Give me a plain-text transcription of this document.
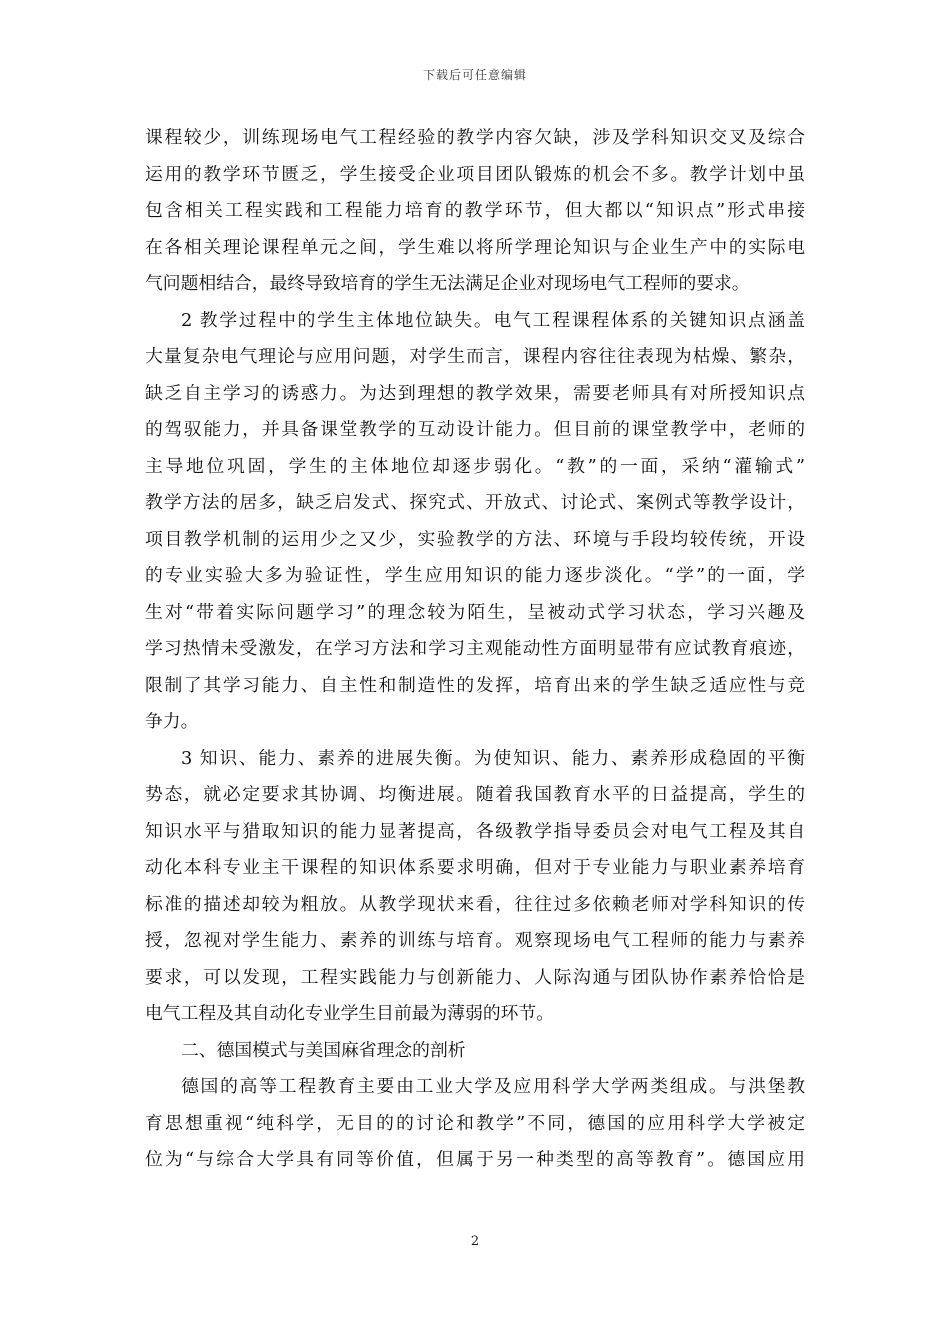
下载后可任意编辑
课程较少，训练现场电气工程经验的教学内容欠缺，涉及学科知识交叉及综合
运用的教学环节匮乏，学生接受企业项目团队锻炼的机会不多。教学计划中虽
包含相关工程实践和工程能力培育的教学环节，但大都以“知识点”形式串接
在各相关理论课程单元之间，学生难以将所学理论知识与企业生产中的实际电
气问题相结合，最终导致培育的学生无法满足企业对现场电气工程师的要求。
2 教学过程中的学生主体地位缺失。电气工程课程体系的关键知识点涵盖
大量复杂电气理论与应用问题，对学生而言，课程内容往往表现为枯燥、繁杂，
缺乏自主学习的诱惑力。为达到理想的教学效果，需要老师具有对所授知识点
的驾驭能力，并具备课堂教学的互动设计能力。但目前的课堂教学中，老师的
主导地位巩固，学生的主体地位却逐步弱化。“教”的一面，采纳“灌输式”
教学方法的居多，缺乏启发式、探究式、开放式、讨论式、案例式等教学设计，
项目教学机制的运用少之又少，实验教学的方法、环境与手段均较传统，开设
的专业实验大多为验证性，学生应用知识的能力逐步淡化。“学”的一面，学
生对“带着实际问题学习”的理念较为陌生，呈被动式学习状态，学习兴趣及
学习热情未受激发，在学习方法和学习主观能动性方面明显带有应试教育痕迹，
限制了其学习能力、自主性和制造性的发挥，培育出来的学生缺乏适应性与竞
争力。
3 知识、能力、素养的进展失衡。为使知识、能力、素养形成稳固的平衡
势态，就必定要求其协调、均衡进展。随着我国教育水平的日益提高，学生的
知识水平与猎取知识的能力显著提高，各级教学指导委员会对电气工程及其自
动化本科专业主干课程的知识体系要求明确，但对于专业能力与职业素养培育
标准的描述却较为粗放。从教学现状来看，往往过多依赖老师对学科知识的传
授，忽视对学生能力、素养的训练与培育。观察现场电气工程师的能力与素养
要求，可以发现，工程实践能力与创新能力、人际沟通与团队协作素养恰恰是
电气工程及其自动化专业学生目前最为薄弱的环节。
二、德国模式与美国麻省理念的剖析
德国的高等工程教育主要由工业大学及应用科学大学两类组成。与洪堡教
育思想重视“纯科学，无目的的讨论和教学”不同，德国的应用科学大学被定
位为“与综合大学具有同等价值，但属于另一种类型的高等教育”。德国应用
2
